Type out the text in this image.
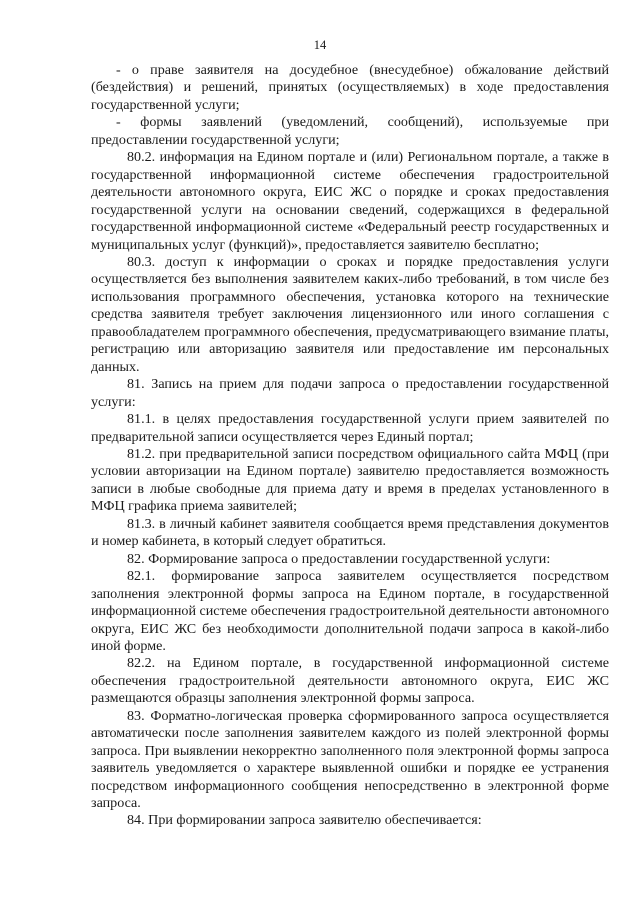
14

- о праве заявителя на досудебное (внесудебное) обжалование действий (бездействия) и решений, принятых (осуществляемых) в ходе предоставления государственной услуги;

- формы заявлений (уведомлений, сообщений), используемые при предоставлении государственной услуги;

80.2. информация на Едином портале и (или) Региональном портале, а также в государственной информационной системе обеспечения градостроительной деятельности автономного округа, ЕИС ЖС о порядке и сроках предоставления государственной услуги на основании сведений, содержащихся в федеральной государственной информационной системе «Федеральный реестр государственных и муниципальных услуг (функций)», предоставляется заявителю бесплатно;

80.3. доступ к информации о сроках и порядке предоставления услуги осуществляется без выполнения заявителем каких-либо требований, в том числе без использования программного обеспечения, установка которого на технические средства заявителя требует заключения лицензионного или иного соглашения с правообладателем программного обеспечения, предусматривающего взимание платы, регистрацию или авторизацию заявителя или предоставление им персональных данных.

81. Запись на прием для подачи запроса о предоставлении государственной услуги:

81.1. в целях предоставления государственной услуги прием заявителей по предварительной записи осуществляется через Единый портал;

81.2. при предварительной записи посредством официального сайта МФЦ (при условии авторизации на Едином портале) заявителю предоставляется возможность записи в любые свободные для приема дату и время в пределах установленного в МФЦ графика приема заявителей;

81.3. в личный кабинет заявителя сообщается время представления документов и номер кабинета, в который следует обратиться.

82. Формирование запроса о предоставлении государственной услуги:

82.1. формирование запроса заявителем осуществляется посредством заполнения электронной формы запроса на Едином портале, в государственной информационной системе обеспечения градостроительной деятельности автономного округа, ЕИС ЖС без необходимости дополнительной подачи запроса в какой-либо иной форме.

82.2. на Едином портале, в государственной информационной системе обеспечения градостроительной деятельности автономного округа, ЕИС ЖС размещаются образцы заполнения электронной формы запроса.

83. Форматно-логическая проверка сформированного запроса осуществляется автоматически после заполнения заявителем каждого из полей электронной формы запроса. При выявлении некорректно заполненного поля электронной формы запроса заявитель уведомляется о характере выявленной ошибки и порядке ее устранения посредством информационного сообщения непосредственно в электронной форме запроса.

84. При формировании запроса заявителю обеспечивается:
